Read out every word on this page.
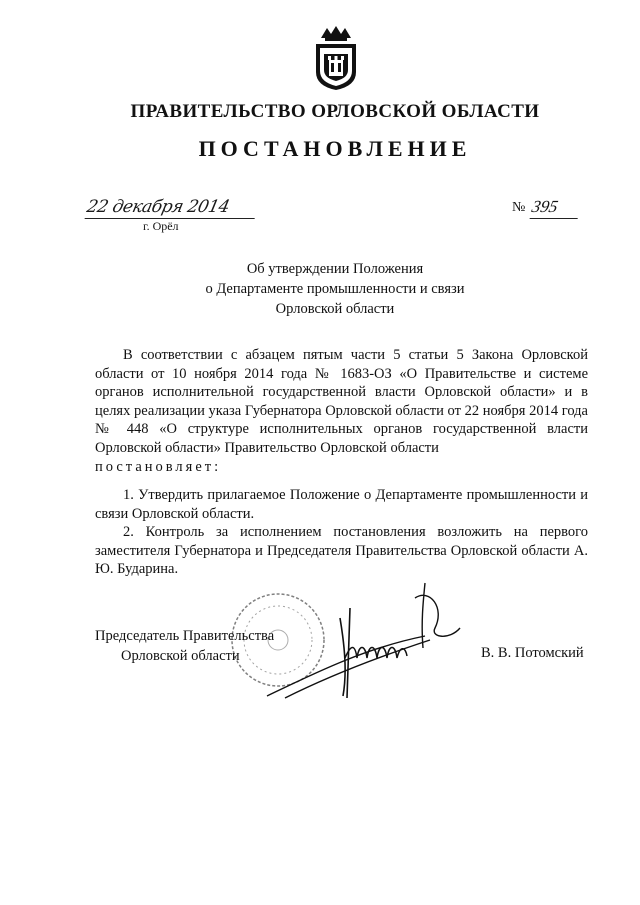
ПРАВИТЕЛЬСТВО ОРЛОВСКОЙ ОБЛАСТИ
ПОСТАНОВЛЕНИЕ
22 декабря 2014
г. Орёл
№ 395
Об утверждении Положения
о Департаменте промышленности и связи
Орловской области

В соответствии с абзацем пятым части 5 статьи 5 Закона Орловской области от 10 ноября 2014 года № 1683-ОЗ «О Правительстве и системе органов исполнительной государственной власти Орловской области» и в целях реализации указа Губернатора Орловской области от 22 ноября 2014 года № 448 «О структуре исполнительных органов государственной власти Орловской области» Правительство Орловской области

постановляет:

1. Утвердить прилагаемое Положение о Департаменте промышленности и связи Орловской области.

2. Контроль за исполнением постановления возложить на первого заместителя Губернатора и Председателя Правительства Орловской области А. Ю. Бударина.

Председатель Правительства
Орловской области	В. В. Потомский
